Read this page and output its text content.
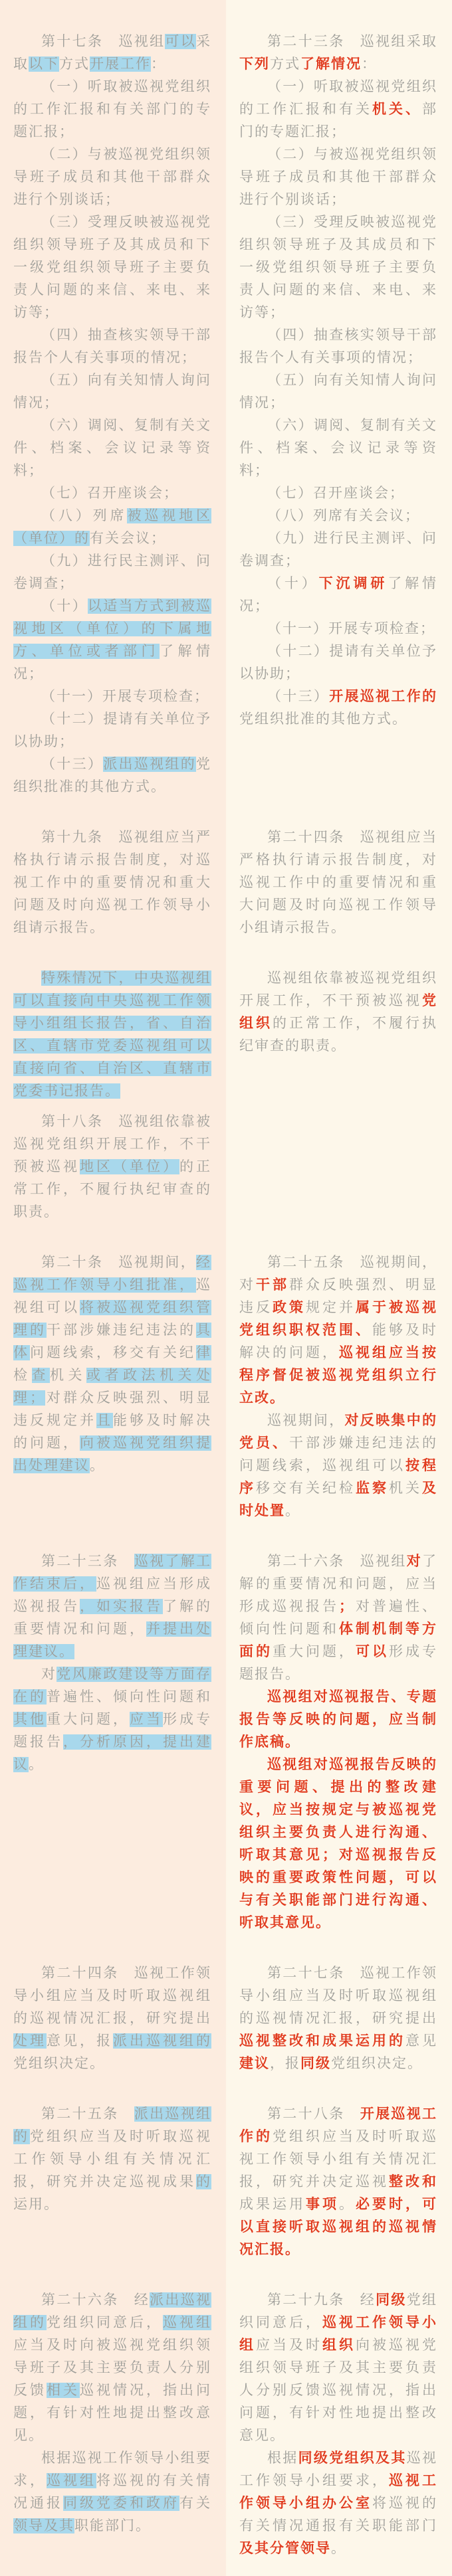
第十七条　巡视组可以采取以下方式开展工作：

（一）听取被巡视党组织的工作汇报和有关部门的专题汇报；

（二）与被巡视党组织领导班子成员和其他干部群众进行个别谈话；

（三）受理反映被巡视党组织领导班子及其成员和下一级党组织领导班子主要负责人问题的来信、来电、来访等；

（四）抽查核实领导干部报告个人有关事项的情况；

（五）向有关知情人询问情况；

（六）调阅、复制有关文件、档案、会议记录等资料；

（七）召开座谈会；

（八）列席被巡视地区（单位）的有关会议；

（九）进行民主测评、问卷调查；

（十）以适当方式到被巡视地区（单位）的下属地方、单位或者部门了解情况；

（十一）开展专项检查；

（十二）提请有关单位予以协助；

（十三）派出巡视组的党组织批准的其他方式。

第二十三条　巡视组采取下列方式了解情况：

（一）听取被巡视党组织的工作汇报和有关机关、部门的专题汇报；

（二）与被巡视党组织领导班子成员和其他干部群众进行个别谈话；

（三）受理反映被巡视党组织领导班子及其成员和下一级党组织领导班子主要负责人问题的来信、来电、来访等；

（四）抽查核实领导干部报告个人有关事项的情况；

（五）向有关知情人询问情况；

（六）调阅、复制有关文件、档案、会议记录等资料；

（七）召开座谈会；

（八）列席有关会议；

（九）进行民主测评、问卷调查；

（十）下沉调研了解情况；

（十一）开展专项检查；

（十二）提请有关单位予以协助；

（十三）开展巡视工作的党组织批准的其他方式。

第十九条　巡视组应当严格执行请示报告制度，对巡视工作中的重要情况和重大问题及时向巡视工作领导小组请示报告。

第二十四条　巡视组应当严格执行请示报告制度，对巡视工作中的重要情况和重大问题及时向巡视工作领导小组请示报告。

特殊情况下，中央巡视组可以直接向中央巡视工作领导小组组长报告，省、自治区、直辖市党委巡视组可以直接向省、自治区、直辖市党委书记报告。

第十八条　巡视组依靠被巡视党组织开展工作，不干预被巡视地区（单位）的正常工作，不履行执纪审查的职责。

巡视组依靠被巡视党组织开展工作，不干预被巡视党组织的正常工作，不履行执纪审查的职责。

第二十条　巡视期间，经巡视工作领导小组批准，巡视组可以将被巡视党组织管理的干部涉嫌违纪违法的具体问题线索，移交有关纪律检查机关或者政法机关处理；对群众反映强烈、明显违反规定并且能够及时解决的问题，向被巡视党组织提出处理建议。

第二十五条　巡视期间，对干部群众反映强烈、明显违反政策规定并属于被巡视党组织职权范围、能够及时解决的问题，巡视组应当按程序督促被巡视党组织立行立改。

巡视期间，对反映集中的党员、干部涉嫌违纪违法的问题线索，巡视组可以按程序移交有关纪检监察机关及时处置。

第二十三条　巡视了解工作结束后，巡视组应当形成巡视报告，如实报告了解的重要情况和问题，并提出处理建议。

对党风廉政建设等方面存在的普遍性、倾向性问题和其他重大问题，应当形成专题报告，分析原因，提出建议。

第二十六条　巡视组对了解的重要情况和问题，应当形成巡视报告；对普遍性、倾向性问题和体制机制等方面的重大问题，可以形成专题报告。

巡视组对巡视报告、专题报告等反映的问题，应当制作底稿。

巡视组对巡视报告反映的重要问题、提出的整改建议，应当按规定与被巡视党组织主要负责人进行沟通、听取其意见；对巡视报告反映的重要政策性问题，可以与有关职能部门进行沟通、听取其意见。

第二十四条　巡视工作领导小组应当及时听取巡视组的巡视情况汇报，研究提出处理意见，报派出巡视组的党组织决定。

第二十七条　巡视工作领导小组应当及时听取巡视组的巡视情况汇报，研究提出巡视整改和成果运用的意见建议，报同级党组织决定。

第二十五条　派出巡视组的党组织应当及时听取巡视工作领导小组有关情况汇报，研究并决定巡视成果的运用。

第二十八条　开展巡视工作的党组织应当及时听取巡视工作领导小组有关情况汇报，研究并决定巡视整改和成果运用事项。必要时，可以直接听取巡视组的巡视情况汇报。

第二十六条　经派出巡视组的党组织同意后，巡视组应当及时向被巡视党组织领导班子及其主要负责人分别反馈相关巡视情况，指出问题，有针对性地提出整改意见。

根据巡视工作领导小组要求，巡视组将巡视的有关情况通报同级党委和政府有关领导及其职能部门。

第二十九条　经同级党组织同意后，巡视工作领导小组应当及时组织向被巡视党组织领导班子及其主要负责人分别反馈巡视情况，指出问题，有针对性地提出整改意见。

根据同级党组织及其巡视工作领导小组要求，巡视工作领导小组办公室将巡视的有关情况通报有关职能部门及其分管领导。
